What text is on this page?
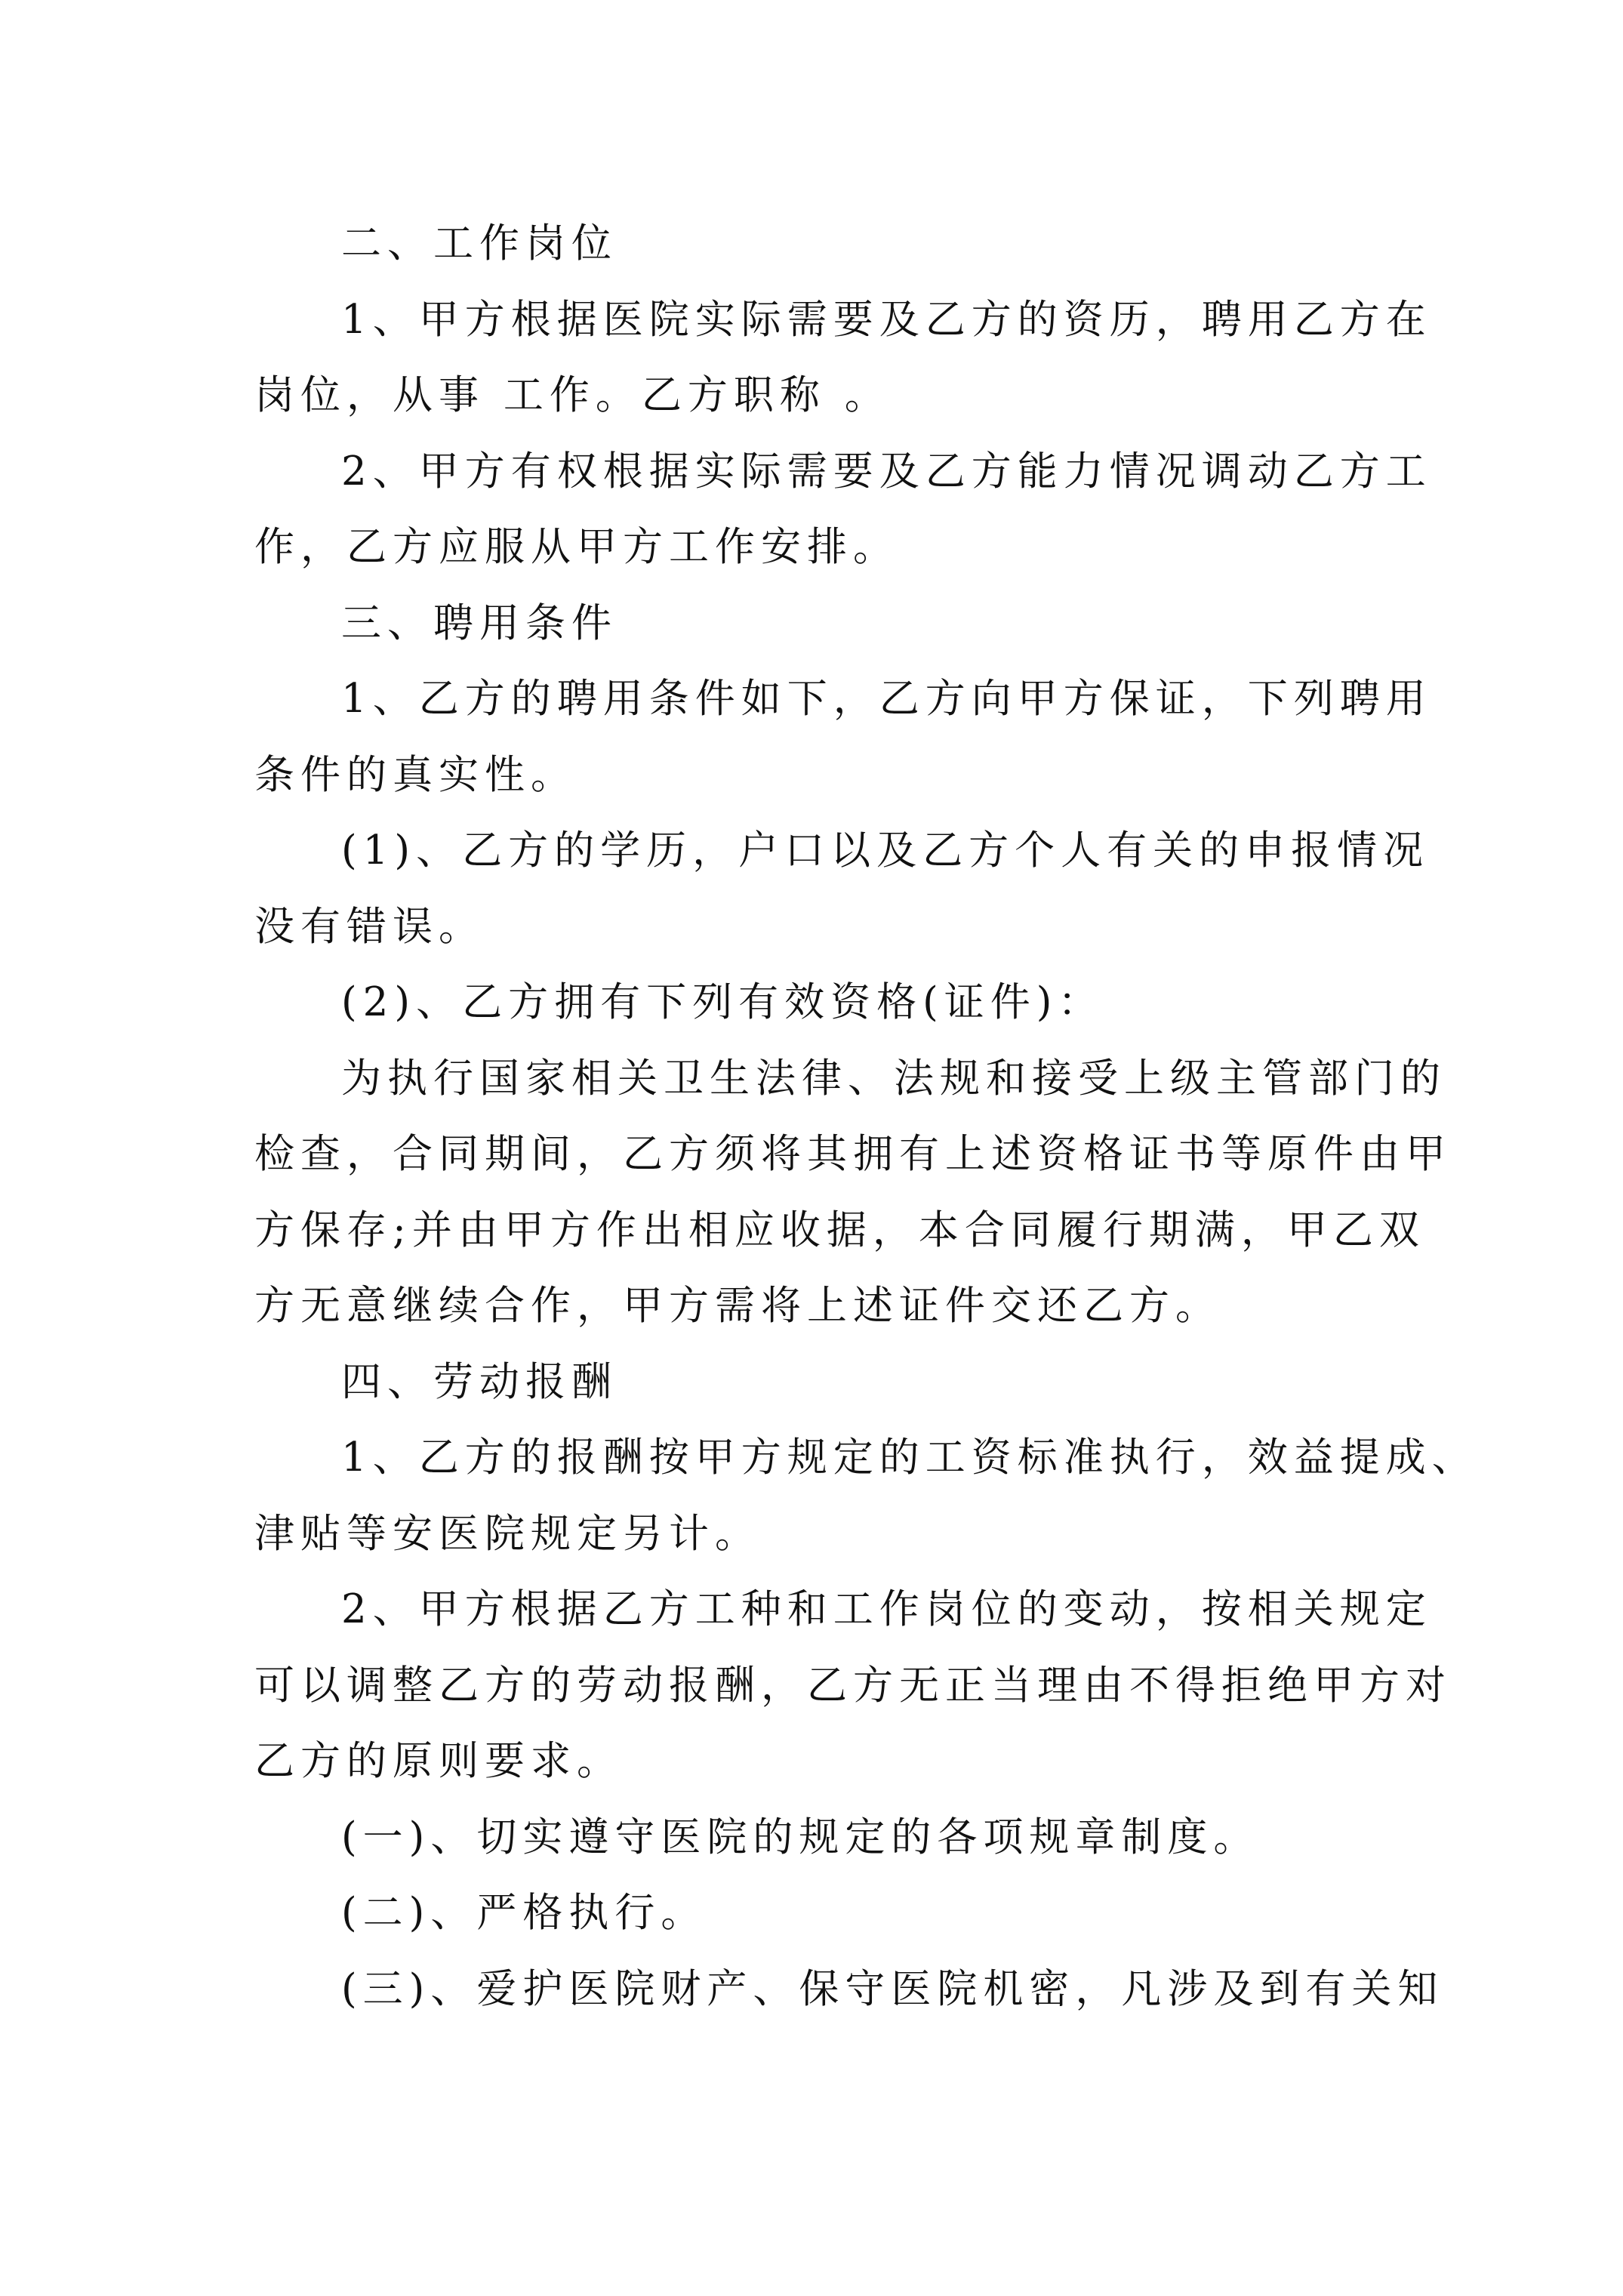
二、工作岗位
1、甲方根据医院实际需要及乙方的资历，聘用乙方在
岗位，从事 工作。乙方职称 。
2、甲方有权根据实际需要及乙方能力情况调动乙方工
作，乙方应服从甲方工作安排。
三、聘用条件
1、乙方的聘用条件如下，乙方向甲方保证，下列聘用
条件的真实性。
(1)、乙方的学历，户口以及乙方个人有关的申报情况
没有错误。
(2)、乙方拥有下列有效资格(证件)：
为执行国家相关卫生法律、法规和接受上级主管部门的
检查，合同期间，乙方须将其拥有上述资格证书等原件由甲
方保存;并由甲方作出相应收据，本合同履行期满，甲乙双
方无意继续合作，甲方需将上述证件交还乙方。
四、劳动报酬
1、乙方的报酬按甲方规定的工资标准执行，效益提成、
津贴等安医院规定另计。
2、甲方根据乙方工种和工作岗位的变动，按相关规定
可以调整乙方的劳动报酬，乙方无正当理由不得拒绝甲方对
乙方的原则要求。
(一)、切实遵守医院的规定的各项规章制度。
(二)、严格执行。
(三)、爱护医院财产、保守医院机密，凡涉及到有关知
